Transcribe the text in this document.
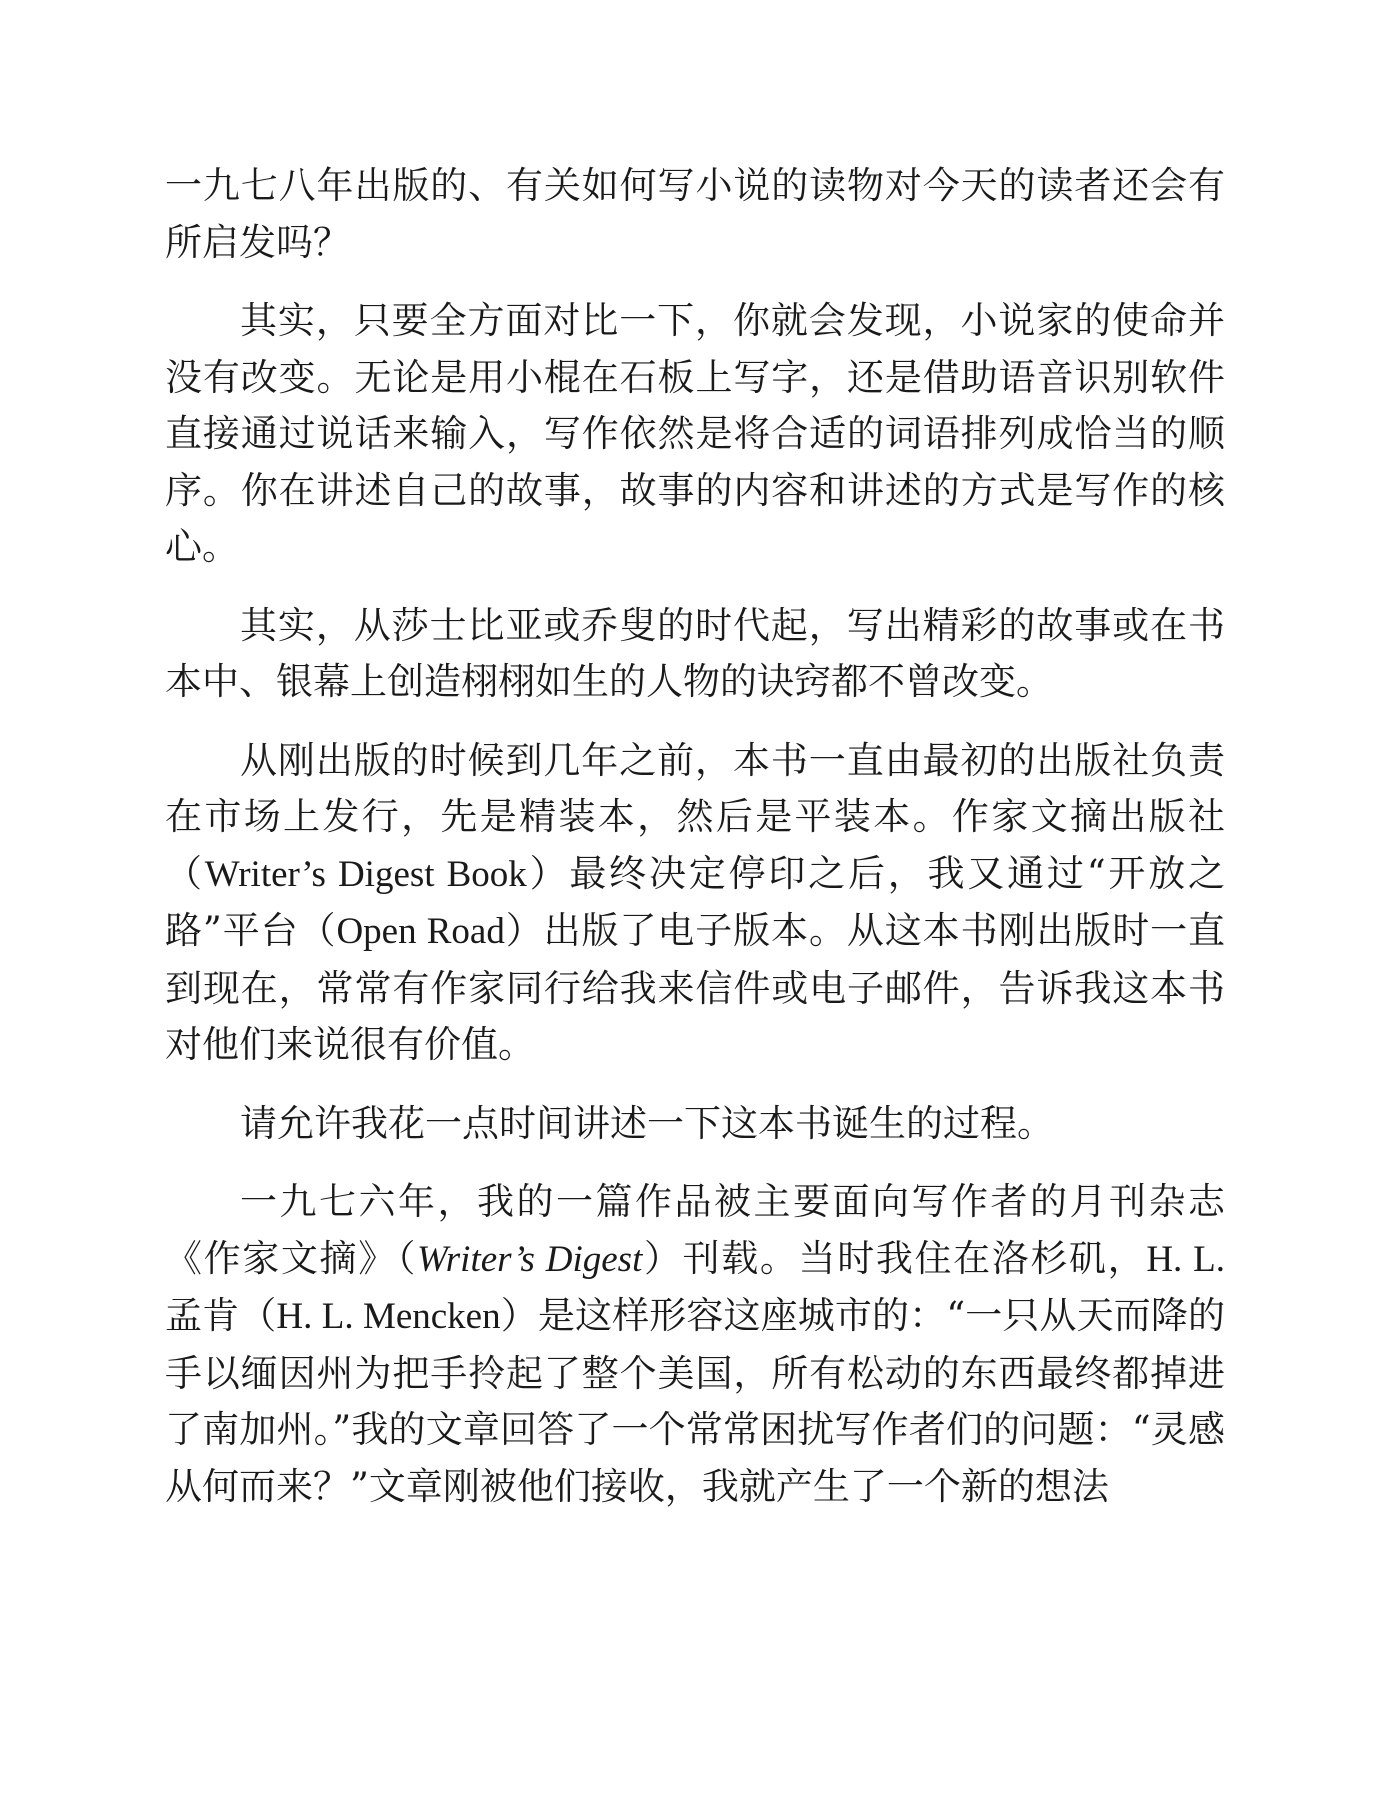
一九七八年出版的、有关如何写小说的读物对今天的读者还会有所启发吗？

其实，只要全方面对比一下，你就会发现，小说家的使命并没有改变。无论是用小棍在石板上写字，还是借助语音识别软件直接通过说话来输入，写作依然是将合适的词语排列成恰当的顺序。你在讲述自己的故事，故事的内容和讲述的方式是写作的核心。

其实，从莎士比亚或乔叟的时代起，写出精彩的故事或在书本中、银幕上创造栩栩如生的人物的诀窍都不曾改变。

从刚出版的时候到几年之前，本书一直由最初的出版社负责在市场上发行，先是精装本，然后是平装本。作家文摘出版社（Writer’s Digest Book）最终决定停印之后，我又通过“开放之路”平台（Open Road）出版了电子版本。从这本书刚出版时一直到现在，常常有作家同行给我来信件或电子邮件，告诉我这本书对他们来说很有价值。

请允许我花一点时间讲述一下这本书诞生的过程。

一九七六年，我的一篇作品被主要面向写作者的月刊杂志《作家文摘》（Writer’s Digest）刊载。当时我住在洛杉矶，H. L. 孟肯（H. L. Mencken）是这样形容这座城市的：“一只从天而降的手以缅因州为把手拎起了整个美国，所有松动的东西最终都掉进了南加州。”我的文章回答了一个常常困扰写作者们的问题：“灵感从何而来？”文章刚被他们接收，我就产生了一个新的想法
